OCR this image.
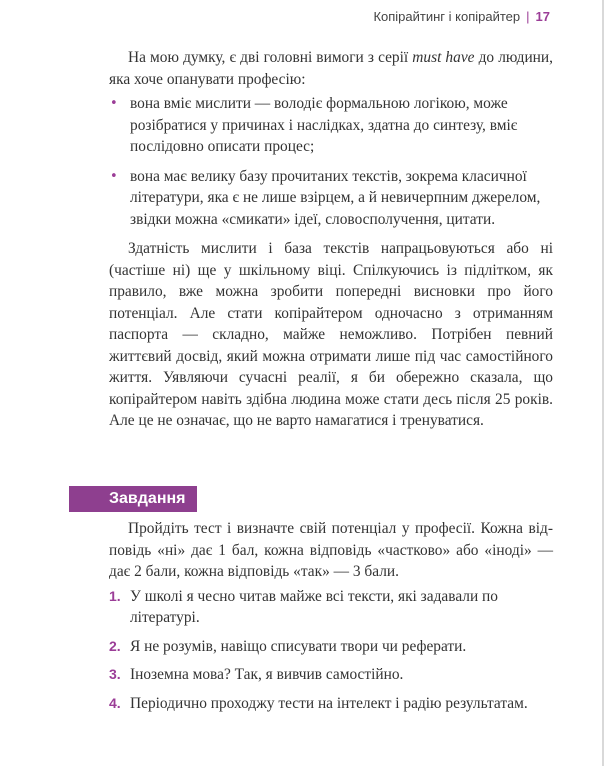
Копірайтинг і копірайтер | 17

На мою думку, є дві головні вимоги з серії must have до людини, яка хоче опанувати професію:

• вона вміє мислити — володіє формальною логікою, може розібратися у причинах і наслідках, здатна до синтезу, вміє послідовно описати процес;
• вона має велику базу прочитаних текстів, зокрема класичної літератури, яка є не лише взірцем, а й невичерпним джерелом, звідки можна «смикати» ідеї, словосполучення, цитати.

Здатність мислити і база текстів напрацьовуються або ні (частіше ні) ще у шкільному віці. Спілкуючись із підлітком, як правило, вже можна зробити попередні висновки про його потенціал. Але стати копірайтером одночасно з отриманням паспорта — складно, майже неможливо. Потрібен певний життєвий досвід, який можна отримати лише під час самостійного життя. Уявляючи сучасні реалії, я би обережно сказала, що копірайтером навіть здібна людина може стати десь після 25 років. Але це не означає, що не варто намагатися і тренуватися.

Завдання

Пройдіть тест і визначте свій потенціал у професії. Кожна відповідь «ні» дає 1 бал, кожна відповідь «частково» або «іноді» — дає 2 бали, кожна відповідь «так» — 3 бали.

1. У школі я чесно читав майже всі тексти, які задавали по літературі.
2. Я не розумів, навіщо списувати твори чи реферати.
3. Іноземна мова? Так, я вивчив самостійно.
4. Періодично проходжу тести на інтелект і радію результатам.
